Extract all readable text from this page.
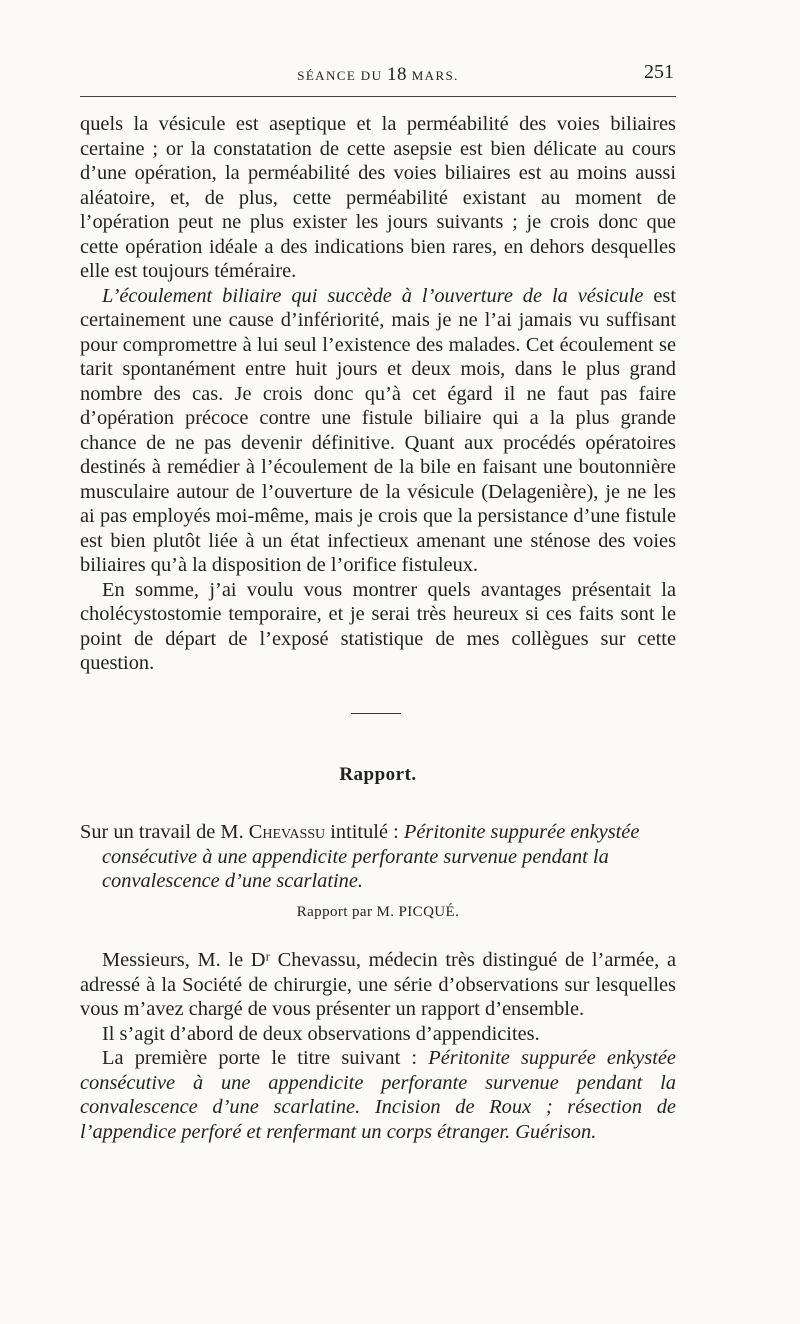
SÉANCE DU 18 MARS.	251

quels la vésicule est aseptique et la perméabilité des voies biliaires certaine ; or la constatation de cette asepsie est bien délicate au cours d’une opération, la perméabilité des voies biliaires est au moins aussi aléatoire, et, de plus, cette perméabilité existant au moment de l’opération peut ne plus exister les jours suivants ; je crois donc que cette opération idéale a des indications bien rares, en dehors desquelles elle est toujours téméraire.

L’écoulement biliaire qui succède à l’ouverture de la vésicule est certainement une cause d’infériorité, mais je ne l’ai jamais vu suffisant pour compromettre à lui seul l’existence des malades. Cet écoulement se tarit spontanément entre huit jours et deux mois, dans le plus grand nombre des cas. Je crois donc qu’à cet égard il ne faut pas faire d’opération précoce contre une fistule biliaire qui a la plus grande chance de ne pas devenir définitive. Quant aux procédés opératoires destinés à remédier à l’écoulement de la bile en faisant une boutonnière musculaire autour de l’ouverture de la vésicule (Delagenière), je ne les ai pas employés moi-même, mais je crois que la persistance d’une fistule est bien plutôt liée à un état infectieux amenant une sténose des voies biliaires qu’à la disposition de l’orifice fistuleux.

En somme, j’ai voulu vous montrer quels avantages présentait la cholécystostomie temporaire, et je serai très heureux si ces faits sont le point de départ de l’exposé statistique de mes collègues sur cette question.

Rapport.

Sur un travail de M. Chevassu intitulé : Péritonite suppurée enkystée consécutive à une appendicite perforante survenue pendant la convalescence d’une scarlatine.

Rapport par M. PICQUÉ.

Messieurs, M. le Dʳ Chevassu, médecin très distingué de l’armée, a adressé à la Société de chirurgie, une série d’observations sur lesquelles vous m’avez chargé de vous présenter un rapport d’ensemble.

Il s’agit d’abord de deux observations d’appendicites.

La première porte le titre suivant : Péritonite suppurée enkystée consécutive à une appendicite perforante survenue pendant la convalescence d’une scarlatine. Incision de Roux ; résection de l’appendice perforé et renfermant un corps étranger. Guérison.
